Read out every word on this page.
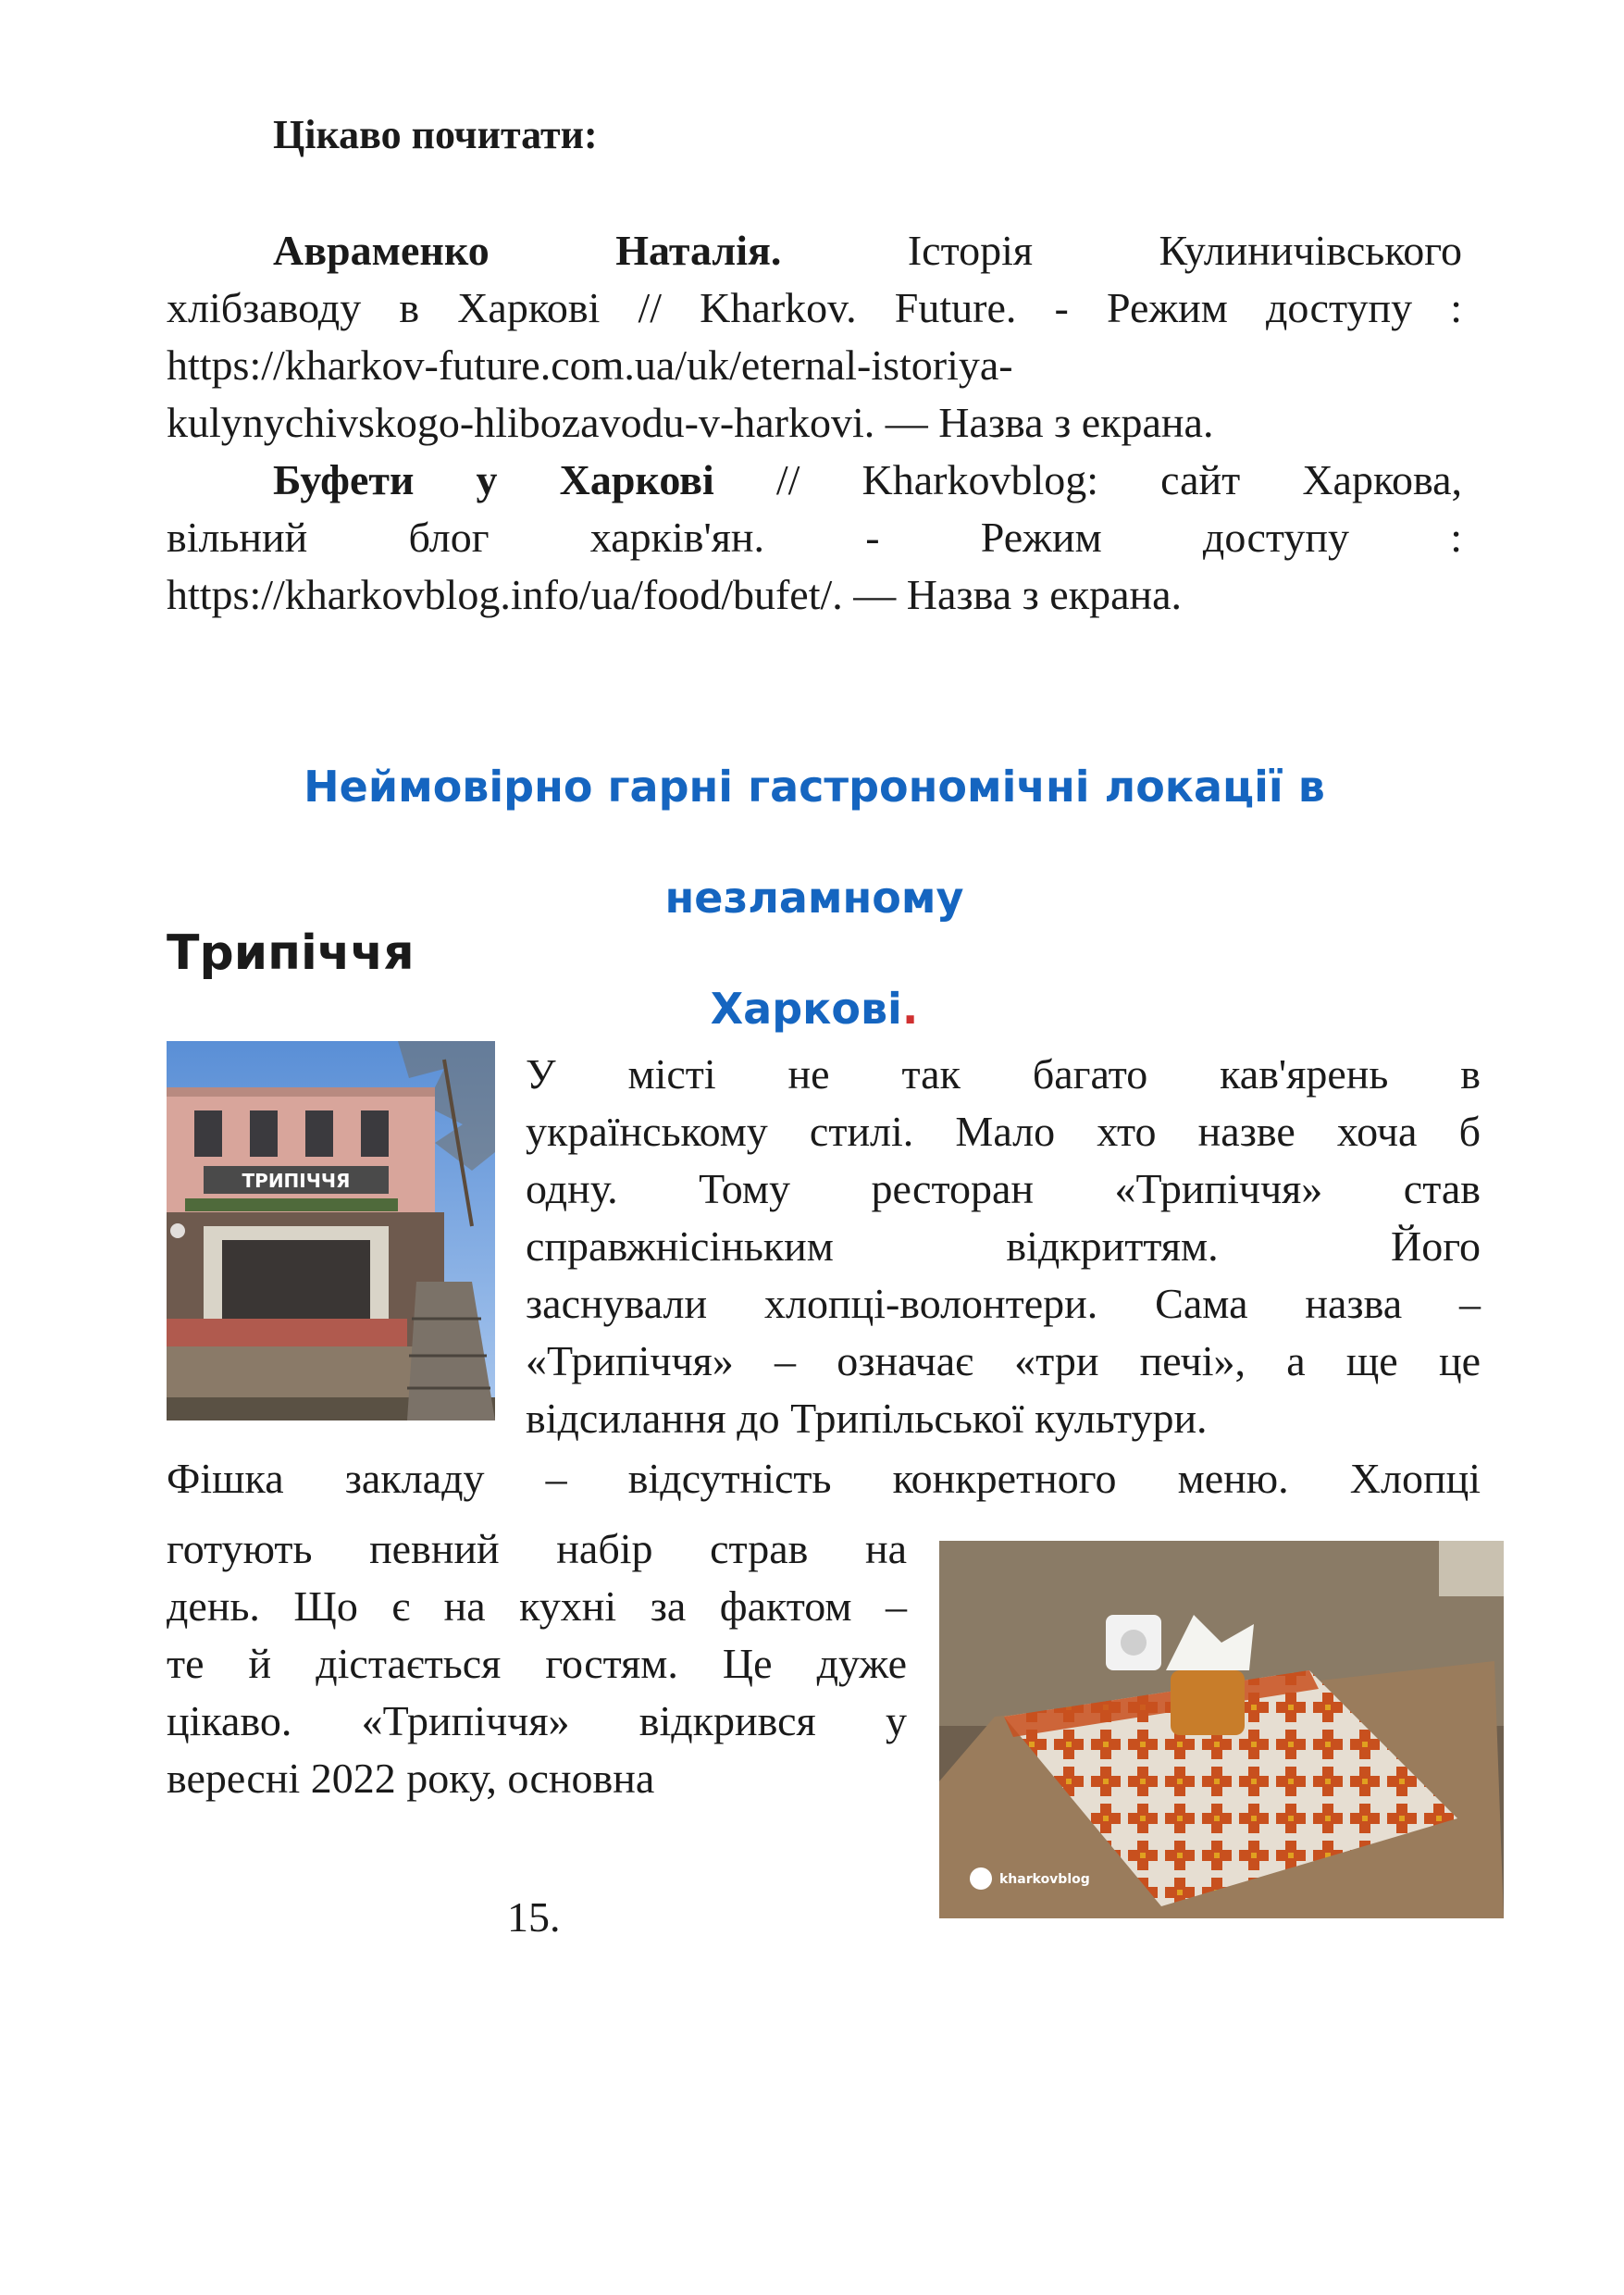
Цікаво почитати:
Авраменко Наталія.	Історія Кулиничівського
хлібзаводу в Харкові // Kharkov. Future. - Режим доступу :
https://kharkov-future.com.ua/uk/eternal-istoriya-
kulynychivskogo-hlibozavodu-v-harkovi. — Назва з екрана.
Буфети у Харкові // Kharkovblog: сайт Харкова,
вільний блог харків'ян. - Режим доступу :
https://kharkovblog.info/ua/food/bufet/. — Назва з екрана.
Неймовірно гарні гастрономічні локації в незламному
Харкові.
Трипіччя
ТРИПІЧЧЯ
У місті не так багато кав'ярень в
українському стилі. Мало хто назве хоча б
одну. Тому ресторан «Трипіччя» став
справжнісіньким відкриттям. Його
заснували хлопці-волонтери. Сама назва –
«Трипіччя» – означає «три печі», а ще це
відсилання до Трипільської культури.
Фішка закладу – відсутність конкретного меню. Хлопці
готують певний набір страв на
день. Що є на кухні за фактом –
те й дістається гостям. Це дуже
цікаво. «Трипіччя» відкрився у
вересні 2022 року, основна
kharkovblog
15.
